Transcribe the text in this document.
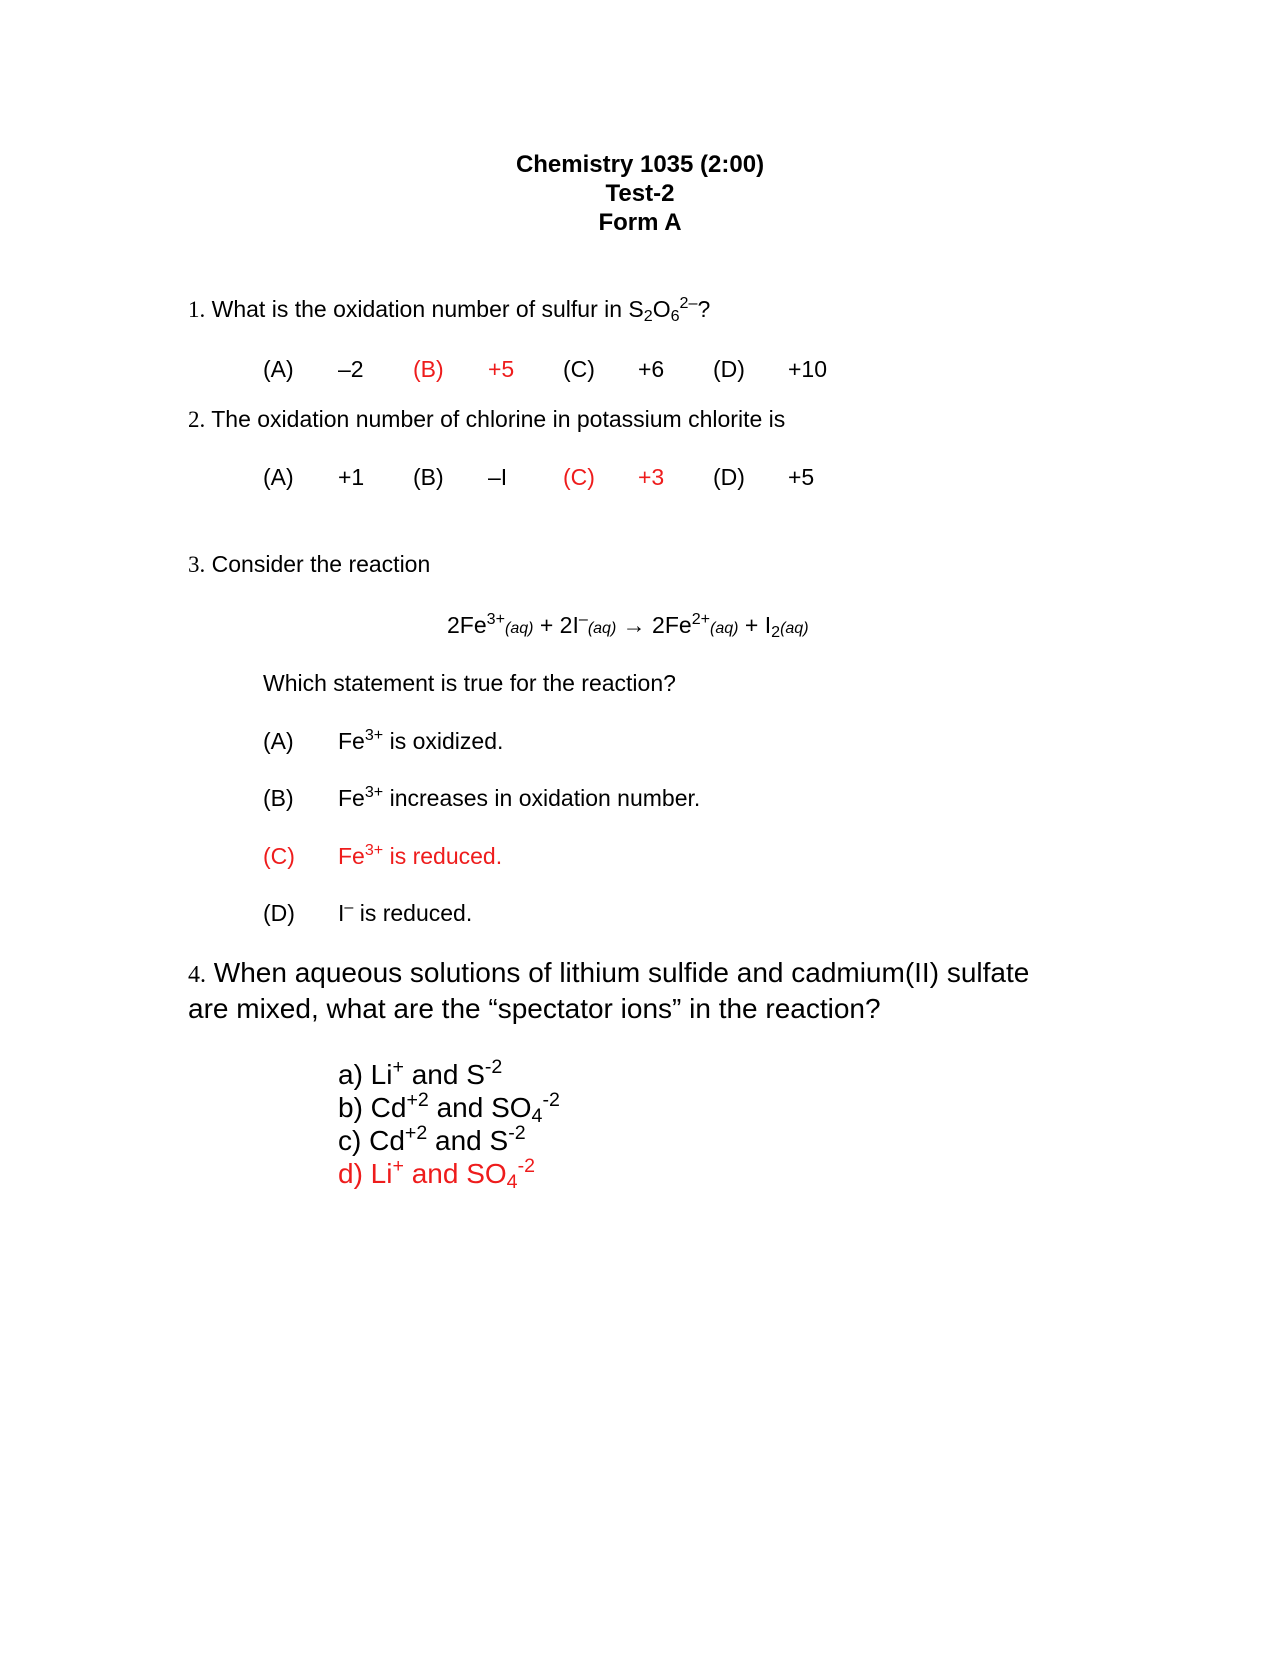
Chemistry 1035 (2:00)
Test-2
Form A
1. What is the oxidation number of sulfur in $S_2O_6^{2-}$?
(A) –2 (B) +5 (C) +6 (D) +10
2. The oxidation number of chlorine in potassium chlorite is
(A) +1 (B) –I (C) +3 (D) +5
3. Consider the reaction
$2Fe^{3+}(aq) + 2I^-(aq) \to 2Fe^{2+}(aq) + I_2(aq)$
Which statement is true for the reaction?
(A) $Fe^{3+}$ is oxidized.
(B) $Fe^{3+}$ increases in oxidation number.
(C) $Fe^{3+}$ is reduced.
(D) I– is reduced.
4. When aqueous solutions of lithium sulfide and cadmium(II) sulfate
are mixed, what are the “spectator ions” in the reaction?
a) Li+ and $S^{-2}$
b) $Cd^{+2}$ and $SO_4^{-2}$
c) $Cd^{+2}$ and $S^{-2}$
d) Li+ and $SO_4^{-2}$
